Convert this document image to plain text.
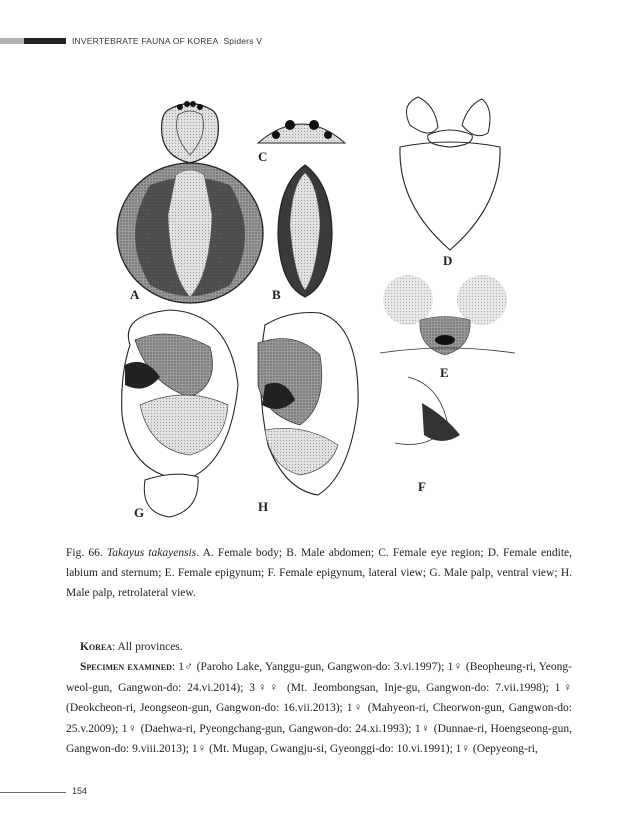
INVERTEBRATE FAUNA OF KOREA Spiders V
A	B
C
D
E
F
G	H
Fig. 66. Takayus takayensis. A. Female body; B. Male abdomen; C. Female eye region; D. Female endite, labium and sternum; E. Female epigynum; F. Female epigynum, lateral view; G. Male palp, ventral view; H. Male palp, retrolateral view.
Korea: All provinces.
Specimen examined: 1♂ (Paroho Lake, Yanggu-gun, Gangwon-do: 3.vi.1997); 1♀ (Beopheung-ri, Yeong-weol-gun, Gangwon-do: 24.vi.2014); 3♀♀ (Mt. Jeombongsan, Inje-gu, Gangwon-do: 7.vii.1998); 1♀ (Deokcheon-ri, Jeongseon-gun, Gangwon-do: 16.vii.2013); 1♀ (Mahyeon-ri, Cheorwon-gun, Gangwon-do: 25.v.2009); 1♀ (Daehwa-ri, Pyeongchang-gun, Gangwon-do: 24.xi.1993); 1♀ (Dunnae-ri, Hoengseong-gun, Gangwon-do: 9.viii.2013); 1♀ (Mt. Mugap, Gwangju-si, Gyeonggi-do: 10.vi.1991); 1♀ (Oepyeong-ri,
154
